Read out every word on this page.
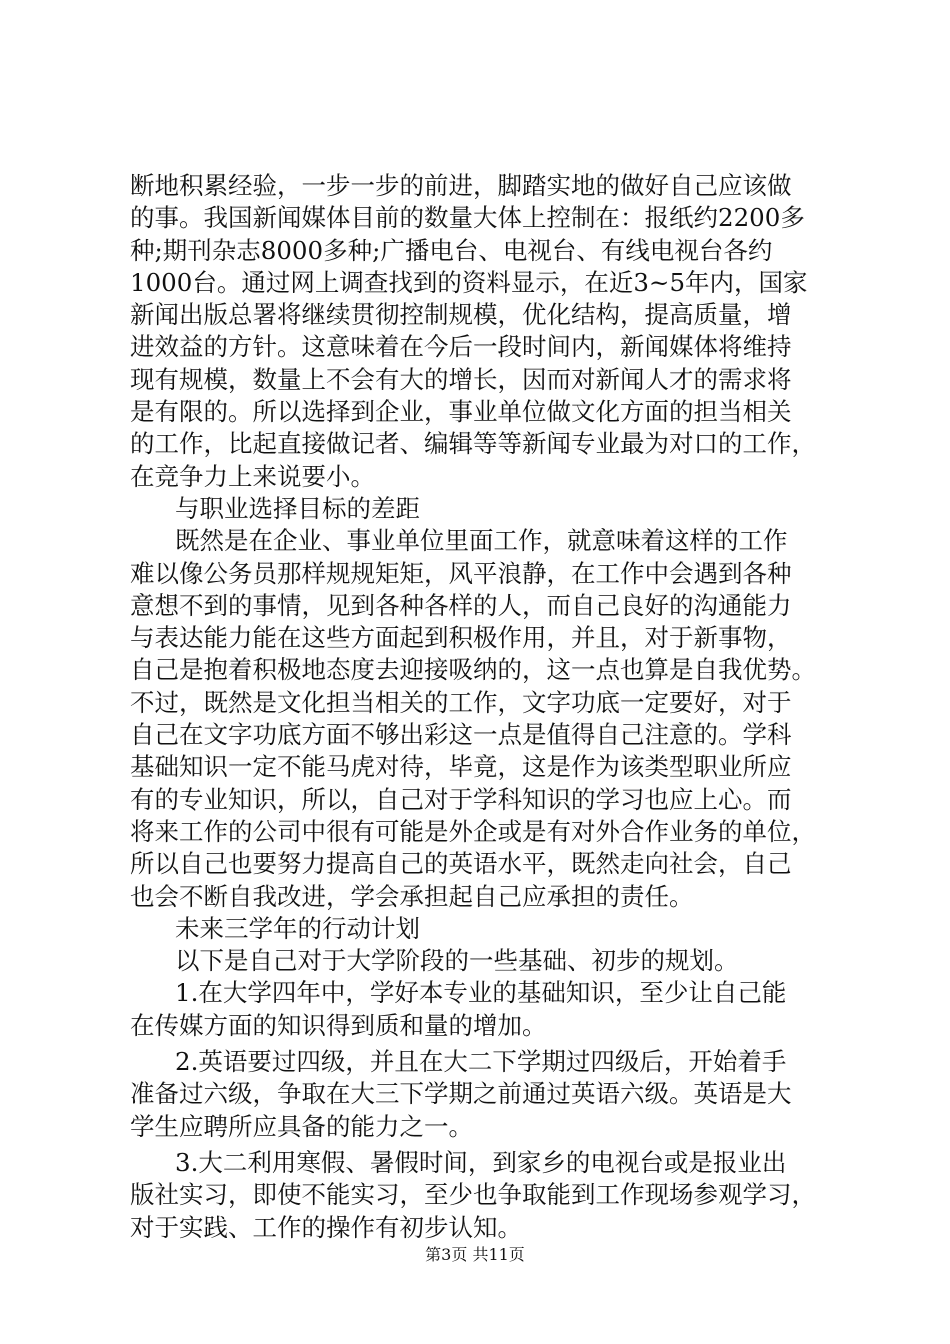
断地积累经验，一步一步的前进，脚踏实地的做好自己应该做
的事。我国新闻媒体目前的数量大体上控制在：报纸约2200多
种;期刊杂志8000多种;广播电台、电视台、有线电视台各约
1000台。通过网上调查找到的资料显示，在近3~5年内，国家
新闻出版总署将继续贯彻控制规模，优化结构，提高质量，增
进效益的方针。这意味着在今后一段时间内，新闻媒体将维持
现有规模，数量上不会有大的增长，因而对新闻人才的需求将
是有限的。所以选择到企业，事业单位做文化方面的担当相关
的工作，比起直接做记者、编辑等等新闻专业最为对口的工作，
在竞争力上来说要小。
与职业选择目标的差距
既然是在企业、事业单位里面工作，就意味着这样的工作
难以像公务员那样规规矩矩，风平浪静，在工作中会遇到各种
意想不到的事情，见到各种各样的人，而自己良好的沟通能力
与表达能力能在这些方面起到积极作用，并且，对于新事物，
自己是抱着积极地态度去迎接吸纳的，这一点也算是自我优势。
不过，既然是文化担当相关的工作，文字功底一定要好，对于
自己在文字功底方面不够出彩这一点是值得自己注意的。学科
基础知识一定不能马虎对待，毕竟，这是作为该类型职业所应
有的专业知识，所以，自己对于学科知识的学习也应上心。而
将来工作的公司中很有可能是外企或是有对外合作业务的单位，
所以自己也要努力提高自己的英语水平，既然走向社会，自己
也会不断自我改进，学会承担起自己应承担的责任。
未来三学年的行动计划
以下是自己对于大学阶段的一些基础、初步的规划。
1.在大学四年中，学好本专业的基础知识，至少让自己能
在传媒方面的知识得到质和量的增加。
2.英语要过四级，并且在大二下学期过四级后，开始着手
准备过六级，争取在大三下学期之前通过英语六级。英语是大
学生应聘所应具备的能力之一。
3.大二利用寒假、暑假时间，到家乡的电视台或是报业出
版社实习，即使不能实习，至少也争取能到工作现场参观学习，
对于实践、工作的操作有初步认知。
第3页 共11页
